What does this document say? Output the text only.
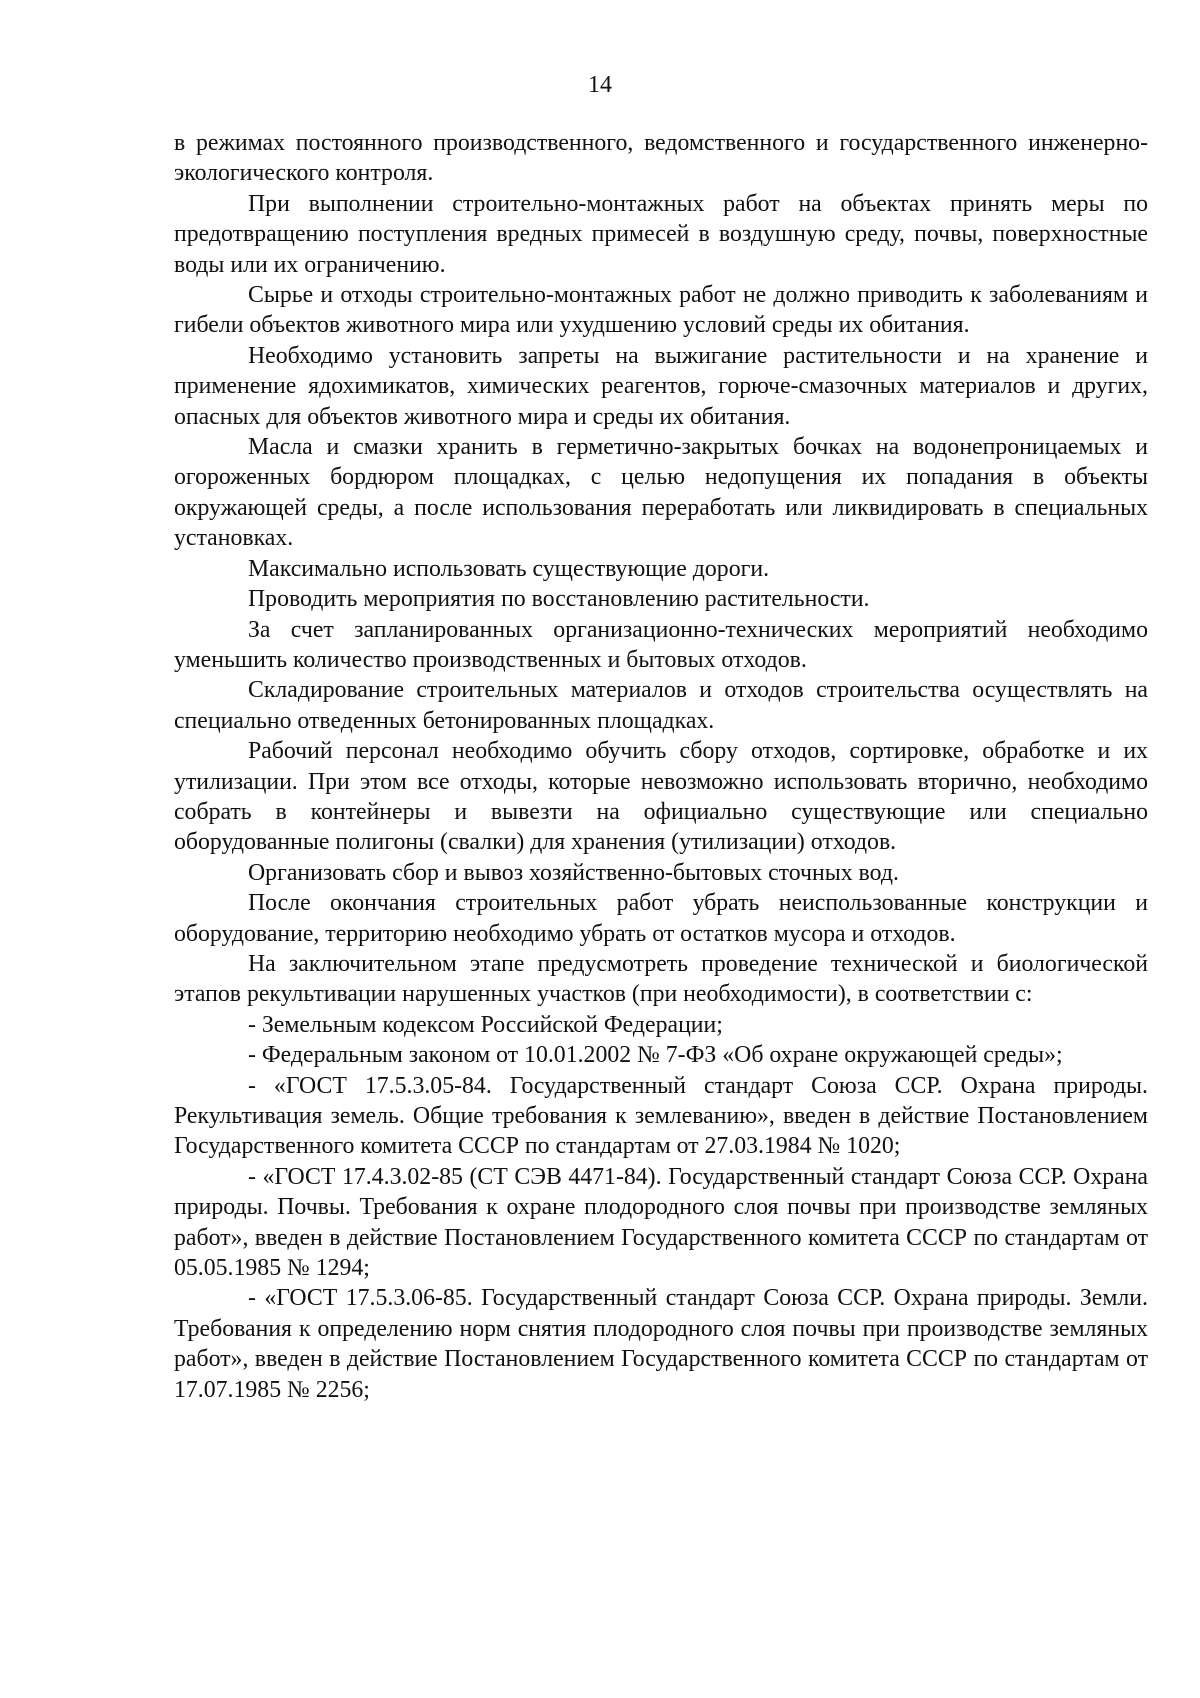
14

в режимах постоянного производственного, ведомственного и государственного инженерно-экологического контроля.

При выполнении строительно-монтажных работ на объектах принять меры по предотвращению поступления вредных примесей в воздушную среду, почвы, поверхностные воды или их ограничению.

Сырье и отходы строительно-монтажных работ не должно приводить к заболеваниям и гибели объектов животного мира или ухудшению условий среды их обитания.

Необходимо установить запреты на выжигание растительности и на хранение и применение ядохимикатов, химических реагентов, горюче-смазочных материалов и других, опасных для объектов животного мира и среды их обитания.

Масла и смазки хранить в герметично-закрытых бочках на водонепроницаемых и огороженных бордюром площадках, с целью недопущения их попадания в объекты окружающей среды, а после использования переработать или ликвидировать в специальных установках.

Максимально использовать существующие дороги.

Проводить мероприятия по восстановлению растительности.

За счет запланированных организационно-технических мероприятий необходимо уменьшить количество производственных и бытовых отходов.

Складирование строительных материалов и отходов строительства осуществлять на специально отведенных бетонированных площадках.

Рабочий персонал необходимо обучить сбору отходов, сортировке, обработке и их утилизации. При этом все отходы, которые невозможно использовать вторично, необходимо собрать в контейнеры и вывезти на официально существующие или специально оборудованные полигоны (свалки) для хранения (утилизации) отходов.

Организовать сбор и вывоз хозяйственно-бытовых сточных вод.

После окончания строительных работ убрать неиспользованные конструкции и оборудование, территорию необходимо убрать от остатков мусора и отходов.

На заключительном этапе предусмотреть проведение технической и биологической этапов рекультивации нарушенных участков (при необходимости), в соответствии с:

- Земельным кодексом Российской Федерации;

- Федеральным законом от 10.01.2002 № 7-ФЗ «Об охране окружающей среды»;

- «ГОСТ 17.5.3.05-84. Государственный стандарт Союза ССР. Охрана природы. Рекультивация земель. Общие требования к землеванию», введен в действие Постановлением Государственного комитета СССР по стандартам от 27.03.1984 № 1020;

- «ГОСТ 17.4.3.02-85 (СТ СЭВ 4471-84). Государственный стандарт Союза ССР. Охрана природы. Почвы. Требования к охране плодородного слоя почвы при производстве земляных работ», введен в действие Постановлением Государственного комитета СССР по стандартам от 05.05.1985 № 1294;

- «ГОСТ 17.5.3.06-85. Государственный стандарт Союза ССР. Охрана природы. Земли. Требования к определению норм снятия плодородного слоя почвы при производстве земляных работ», введен в действие Постановлением Государственного комитета СССР по стандартам от 17.07.1985 № 2256;
